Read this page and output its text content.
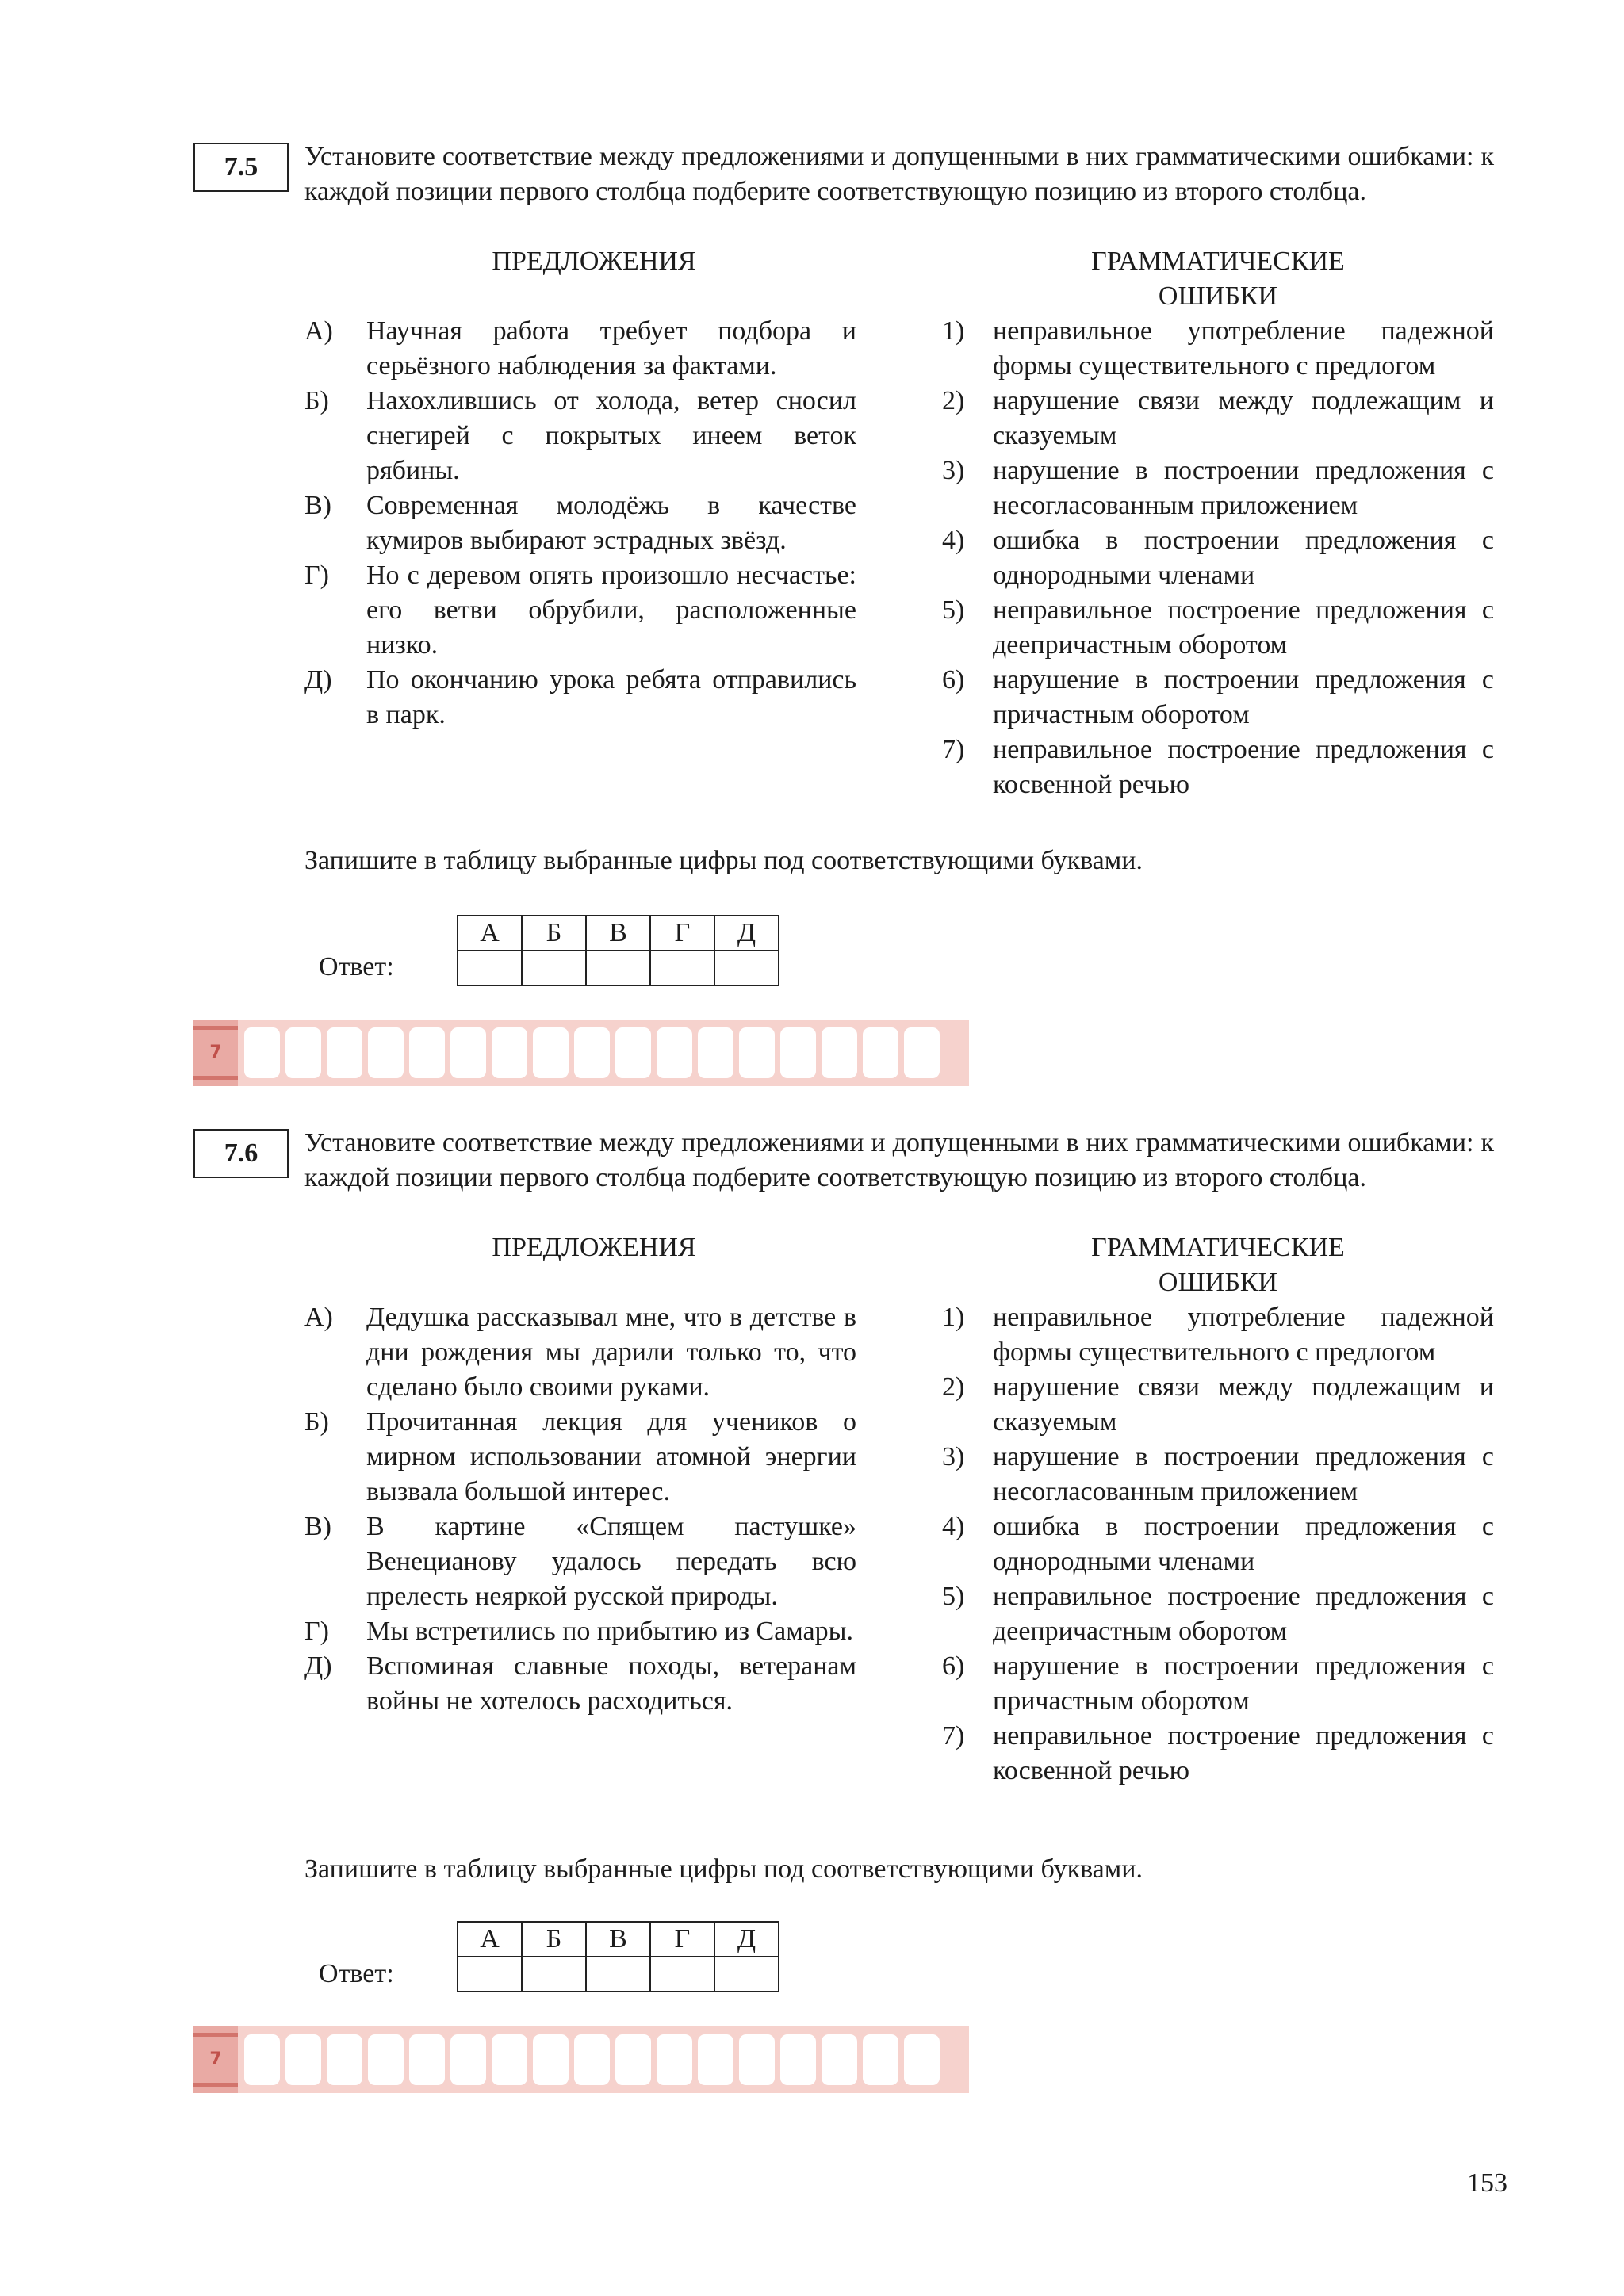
7.5	Установите соответствие между предложениями и допущенными в них грамматическими ошибками: к каждой позиции первого столбца подберите соответствующую позицию из второго столбца.

ПРЕДЛОЖЕНИЯ	ГРАММАТИЧЕСКИЕ

ОШИБКИ

А) Научная работа требует подбора и серьёзного наблюдения за фактами.
Б) Нахохлившись от холода, ветер сносил снегирей с покрытых инеем веток рябины.
В) Современная молодёжь в качестве кумиров выбирают эстрадных звёзд.
Г) Но с деревом опять произошло несчастье: его ветви обрубили, расположенные низко.
Д) По окончанию урока ребята отправились в парк.
1) неправильное употребление падежной формы существительного с предлогом
2) нарушение связи между подлежащим и сказуемым
3) нарушение в построении предложения с несогласованным приложением
4) ошибка в построении предложения с однородными членами
5) неправильное построение предложения с деепричастным оборотом
6) нарушение в построении предложения с причастным оборотом
7) неправильное построение предложения с косвенной речью

Запишите в таблицу выбранные цифры под соответствующими буквами.

Ответ:
А	Б	В	Г	Д

7
7.6	Установите соответствие между предложениями и допущенными в них грамматическими ошибками: к каждой позиции первого столбца подберите соответствующую позицию из второго столбца.

ПРЕДЛОЖЕНИЯ	ГРАММАТИЧЕСКИЕ

ОШИБКИ

А) Дедушка рассказывал мне, что в детстве в дни рождения мы дарили только то, что сделано было своими руками.
Б) Прочитанная лекция для учеников о мирном использовании атомной энергии вызвала большой интерес.
В) В картине «Спящем пастушке» Венецианову удалось передать всю прелесть неяркой русской природы.
Г) Мы встретились по прибытию из Самары.
Д) Вспоминая славные походы, ветеранам войны не хотелось расходиться.
1) неправильное употребление падежной формы существительного с предлогом
2) нарушение связи между подлежащим и сказуемым
3) нарушение в построении предложения с несогласованным приложением
4) ошибка в построении предложения с однородными членами
5) неправильное построение предложения с деепричастным оборотом
6) нарушение в построении предложения с причастным оборотом
7) неправильное построение предложения с косвенной речью

Запишите в таблицу выбранные цифры под соответствующими буквами.

Ответ:
А	Б	В	Г	Д

7
153
